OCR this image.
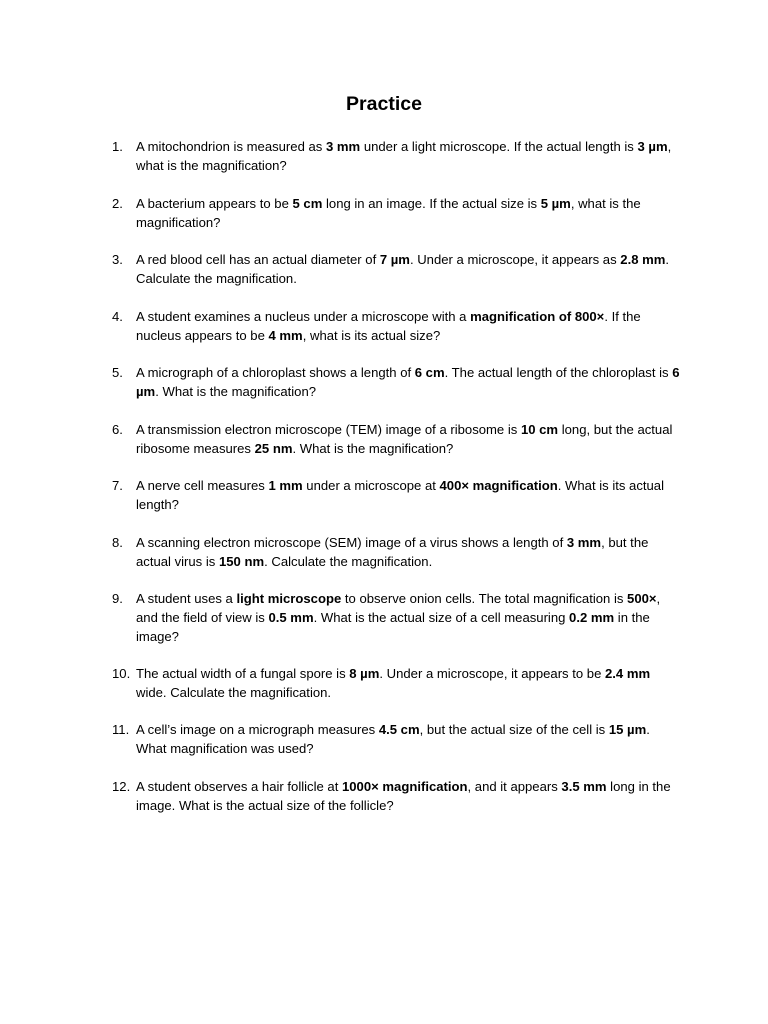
Practice
1. A mitochondrion is measured as 3 mm under a light microscope. If the actual length is 3 µm, what is the magnification?
2. A bacterium appears to be 5 cm long in an image. If the actual size is 5 µm, what is the magnification?
3. A red blood cell has an actual diameter of 7 µm. Under a microscope, it appears as 2.8 mm. Calculate the magnification.
4. A student examines a nucleus under a microscope with a magnification of 800×. If the nucleus appears to be 4 mm, what is its actual size?
5. A micrograph of a chloroplast shows a length of 6 cm. The actual length of the chloroplast is 6 µm. What is the magnification?
6. A transmission electron microscope (TEM) image of a ribosome is 10 cm long, but the actual ribosome measures 25 nm. What is the magnification?
7. A nerve cell measures 1 mm under a microscope at 400× magnification. What is its actual length?
8. A scanning electron microscope (SEM) image of a virus shows a length of 3 mm, but the actual virus is 150 nm. Calculate the magnification.
9. A student uses a light microscope to observe onion cells. The total magnification is 500×, and the field of view is 0.5 mm. What is the actual size of a cell measuring 0.2 mm in the image?
10. The actual width of a fungal spore is 8 µm. Under a microscope, it appears to be 2.4 mm wide. Calculate the magnification.
11. A cell’s image on a micrograph measures 4.5 cm, but the actual size of the cell is 15 µm. What magnification was used?
12. A student observes a hair follicle at 1000× magnification, and it appears 3.5 mm long in the image. What is the actual size of the follicle?
